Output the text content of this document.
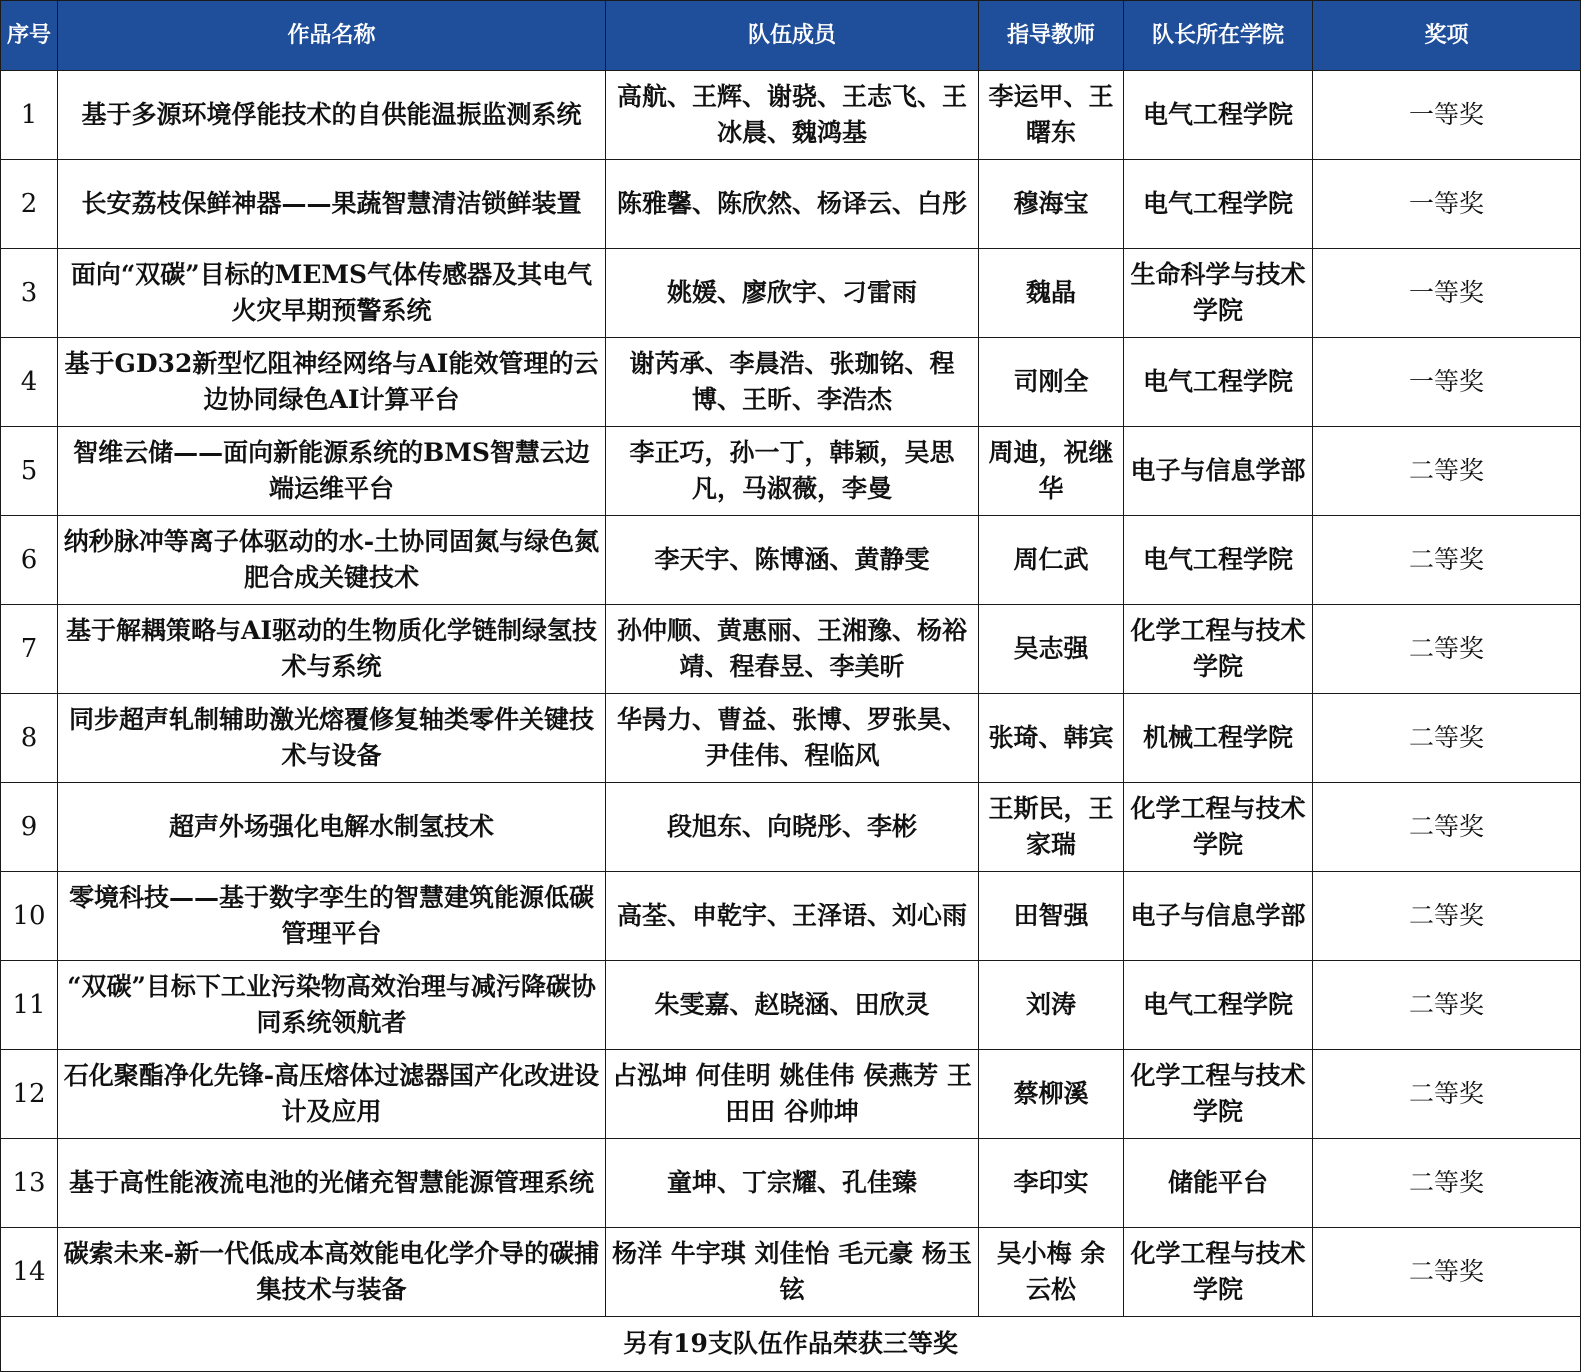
序号	作品名称	队伍成员	指导教师	队长所在学院	奖项
1	基于多源环境俘能技术的自供能温振监测系统	高航、王辉、谢骁、王志飞、王冰晨、魏鸿基	李运甲、王曙东	电气工程学院	一等奖
2	长安荔枝保鲜神器——果蔬智慧清洁锁鲜装置	陈雅馨、陈欣然、杨译云、白彤	穆海宝	电气工程学院	一等奖
3	面向“双碳”目标的MEMS气体传感器及其电气火灾早期预警系统	姚媛、廖欣宇、刁雷雨	魏晶	生命科学与技术学院	一等奖
4	基于GD32新型忆阻神经网络与AI能效管理的云边协同绿色AI计算平台	谢芮承、李晨浩、张珈铭、程博、王昕、李浩杰	司刚全	电气工程学院	一等奖
5	智维云储——面向新能源系统的BMS智慧云边端运维平台	李正巧，孙一丁，韩颖，吴思凡，马淑薇，李曼	周迪，祝继华	电子与信息学部	二等奖
6	纳秒脉冲等离子体驱动的水-土协同固氮与绿色氮肥合成关键技术	李天宇、陈博涵、黄静雯	周仁武	电气工程学院	二等奖
7	基于解耦策略与AI驱动的生物质化学链制绿氢技术与系统	孙仲顺、黄惠丽、王湘豫、杨裕靖、程春昱、李美昕	吴志强	化学工程与技术学院	二等奖
8	同步超声轧制辅助激光熔覆修复轴类零件关键技术与设备	华昺力、曹益、张博、罗张昊、尹佳伟、程临风	张琦、韩宾	机械工程学院	二等奖
9	超声外场强化电解水制氢技术	段旭东、向晓彤、李彬	王斯民，王家瑞	化学工程与技术学院	二等奖
10	零境科技——基于数字孪生的智慧建筑能源低碳管理平台	高荃、申乾宇、王泽语、刘心雨	田智强	电子与信息学部	二等奖
11	“双碳”目标下工业污染物高效治理与减污降碳协同系统领航者	朱雯嘉、赵晓涵、田欣灵	刘涛	电气工程学院	二等奖
12	石化聚酯净化先锋-高压熔体过滤器国产化改进设计及应用	占泓坤 何佳明 姚佳伟 侯燕芳 王田田 谷帅坤	蔡柳溪	化学工程与技术学院	二等奖
13	基于高性能液流电池的光储充智慧能源管理系统	童坤、丁宗耀、孔佳臻	李印实	储能平台	二等奖
14	碳索未来-新一代低成本高效能电化学介导的碳捕集技术与装备	杨洋 牛宇琪 刘佳怡 毛元豪 杨玉铉	吴小梅 余云松	化学工程与技术学院	二等奖
另有19支队伍作品荣获三等奖					
